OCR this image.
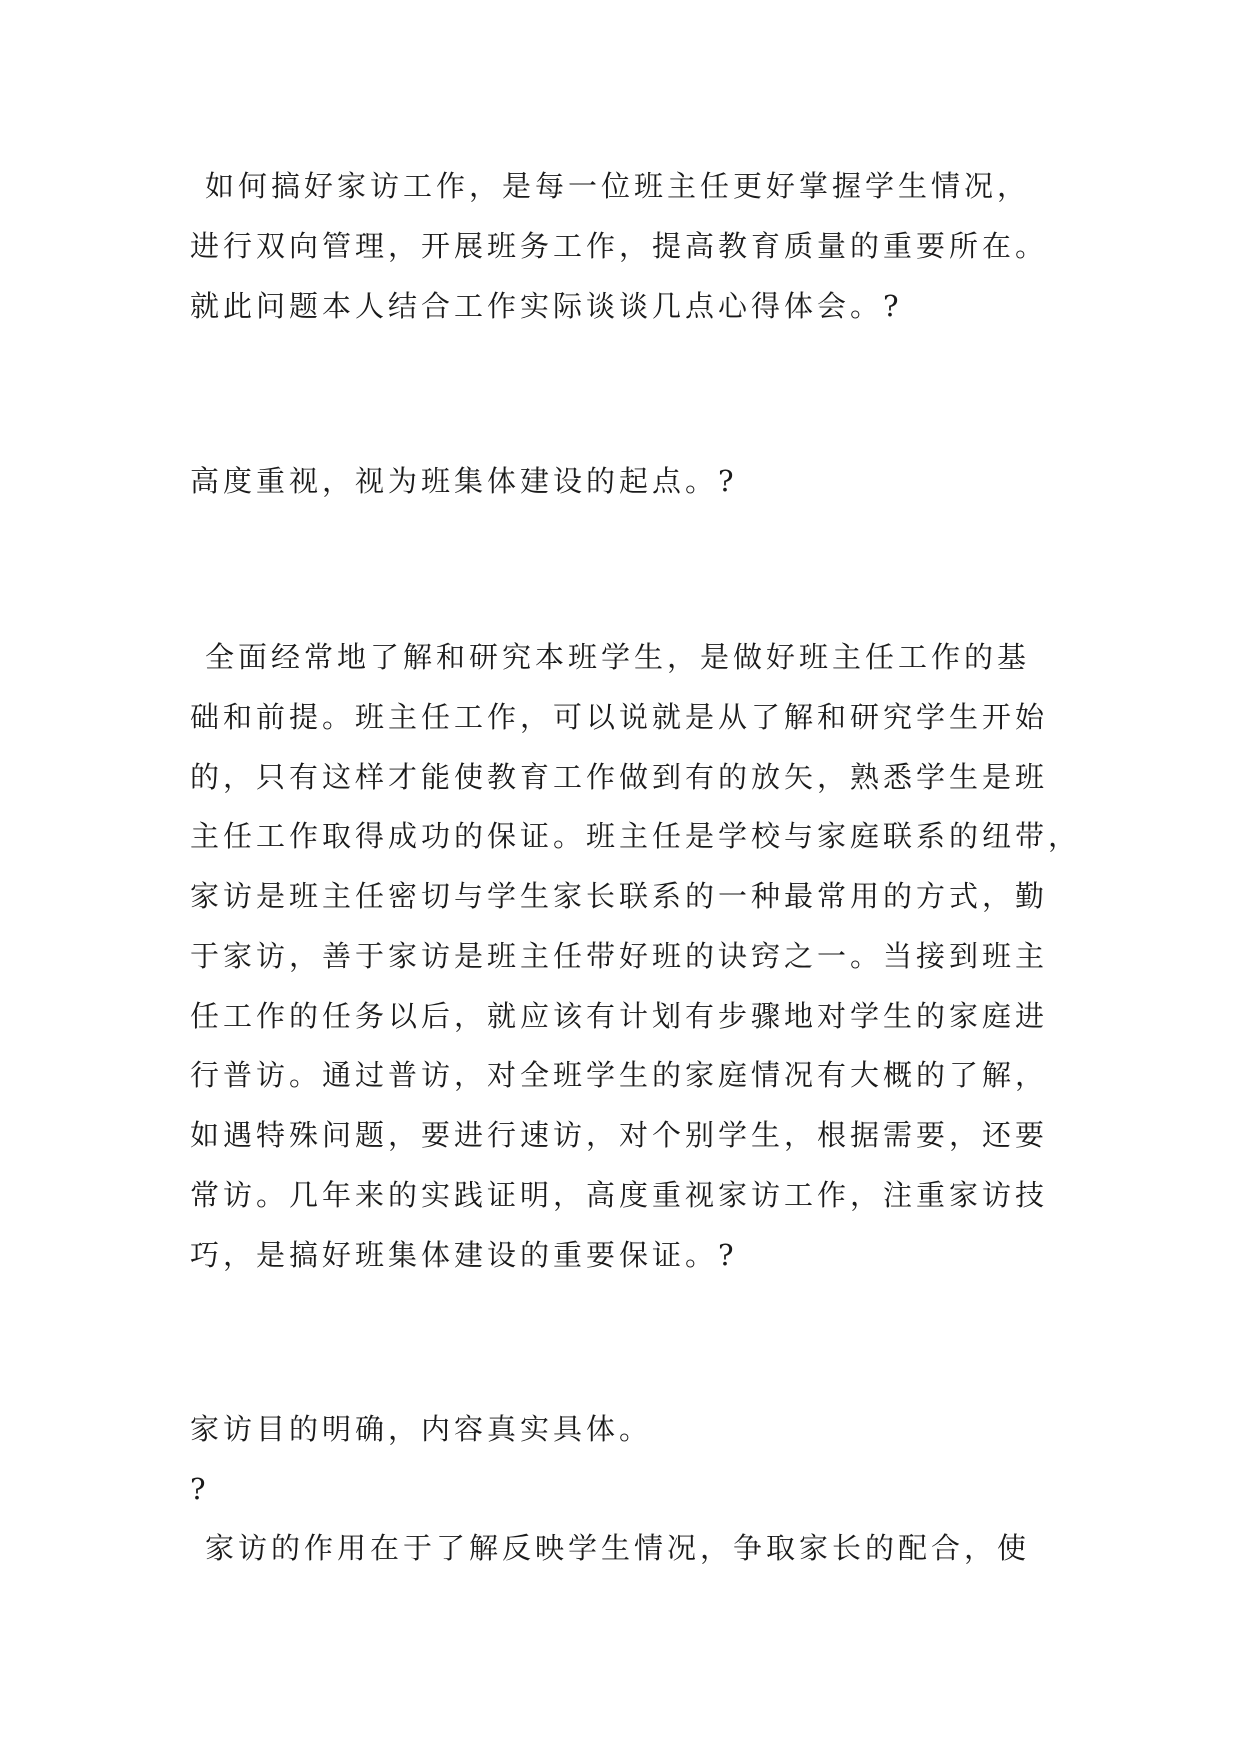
如何搞好家访工作，是每一位班主任更好掌握学生情况，

进行双向管理，开展班务工作，提高教育质量的重要所在。

就此问题本人结合工作实际谈谈几点心得体会。?

高度重视，视为班集体建设的起点。?

全面经常地了解和研究本班学生，是做好班主任工作的基

础和前提。班主任工作，可以说就是从了解和研究学生开始

的，只有这样才能使教育工作做到有的放矢，熟悉学生是班

主任工作取得成功的保证。班主任是学校与家庭联系的纽带，

家访是班主任密切与学生家长联系的一种最常用的方式，勤

于家访，善于家访是班主任带好班的诀窍之一。当接到班主

任工作的任务以后，就应该有计划有步骤地对学生的家庭进

行普访。通过普访，对全班学生的家庭情况有大概的了解，

如遇特殊问题，要进行速访，对个别学生，根据需要，还要

常访。几年来的实践证明，高度重视家访工作，注重家访技

巧，是搞好班集体建设的重要保证。?

家访目的明确，内容真实具体。

?

家访的作用在于了解反映学生情况，争取家长的配合，使
